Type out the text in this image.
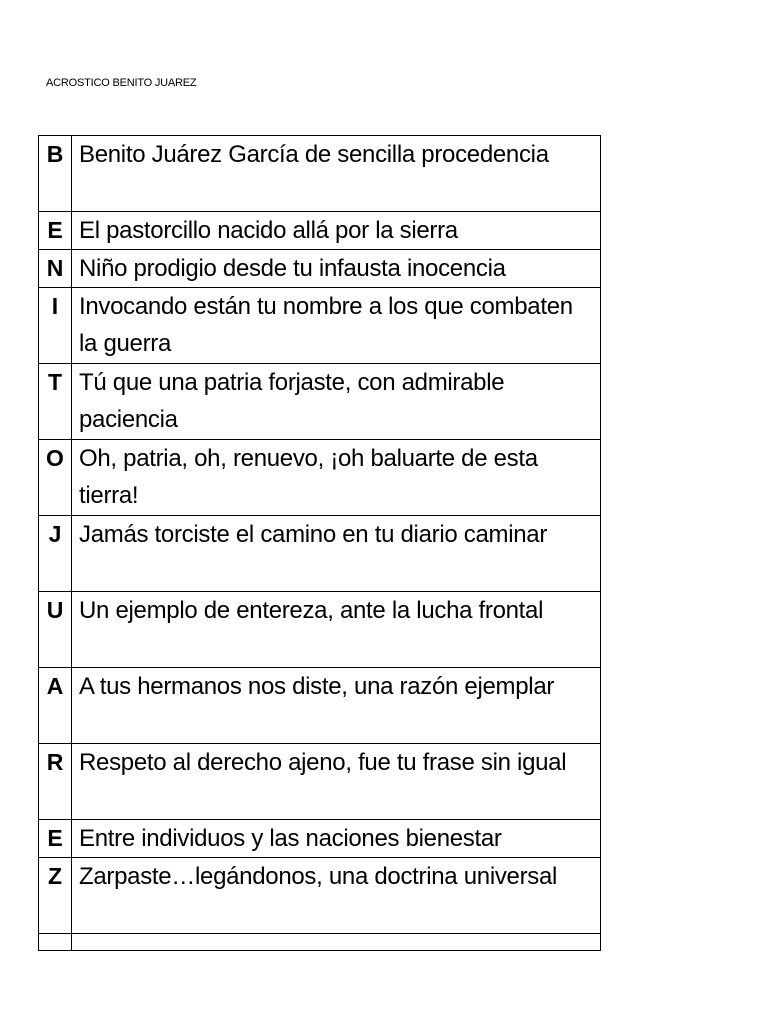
ACROSTICO BENITO JUAREZ
B	Benito Juárez García de sencilla procedencia
E	El pastorcillo nacido allá por la sierra
N	Niño prodigio desde tu infausta inocencia
I	Invocando están tu nombre a los que combaten la guerra
T	Tú que una patria forjaste, con admirable paciencia
O	Oh, patria, oh, renuevo, ¡oh baluarte de esta tierra!
J	Jamás torciste el camino en tu diario caminar
U	Un ejemplo de entereza, ante la lucha frontal
A	A tus hermanos nos diste, una razón ejemplar
R	Respeto al derecho ajeno, fue tu frase sin igual
E	Entre individuos y las naciones bienestar
Z	Zarpaste…legándonos, una doctrina universal
